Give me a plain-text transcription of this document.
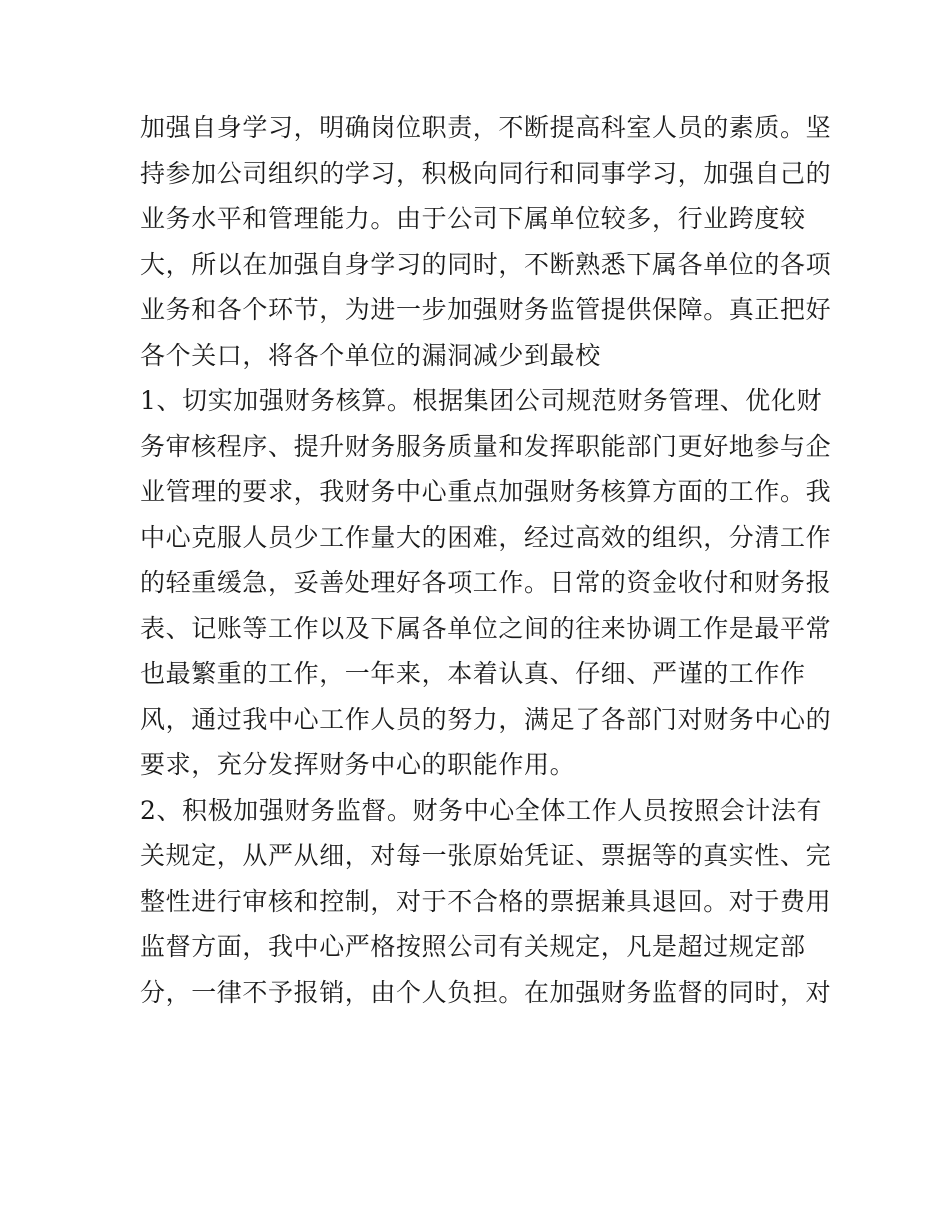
加强自身学习，明确岗位职责，不断提高科室人员的素质。坚
持参加公司组织的学习，积极向同行和同事学习，加强自己的
业务水平和管理能力。由于公司下属单位较多，行业跨度较
大，所以在加强自身学习的同时，不断熟悉下属各单位的各项
业务和各个环节，为进一步加强财务监管提供保障。真正把好
各个关口，将各个单位的漏洞减少到最校
1、切实加强财务核算。根据集团公司规范财务管理、优化财
务审核程序、提升财务服务质量和发挥职能部门更好地参与企
业管理的要求，我财务中心重点加强财务核算方面的工作。我
中心克服人员少工作量大的困难，经过高效的组织，分清工作
的轻重缓急，妥善处理好各项工作。日常的资金收付和财务报
表、记账等工作以及下属各单位之间的往来协调工作是最平常
也最繁重的工作，一年来，本着认真、仔细、严谨的工作作
风，通过我中心工作人员的努力，满足了各部门对财务中心的
要求，充分发挥财务中心的职能作用。
2、积极加强财务监督。财务中心全体工作人员按照会计法有
关规定，从严从细，对每一张原始凭证、票据等的真实性、完
整性进行审核和控制，对于不合格的票据兼具退回。对于费用
监督方面，我中心严格按照公司有关规定，凡是超过规定部
分，一律不予报销，由个人负担。在加强财务监督的同时，对
